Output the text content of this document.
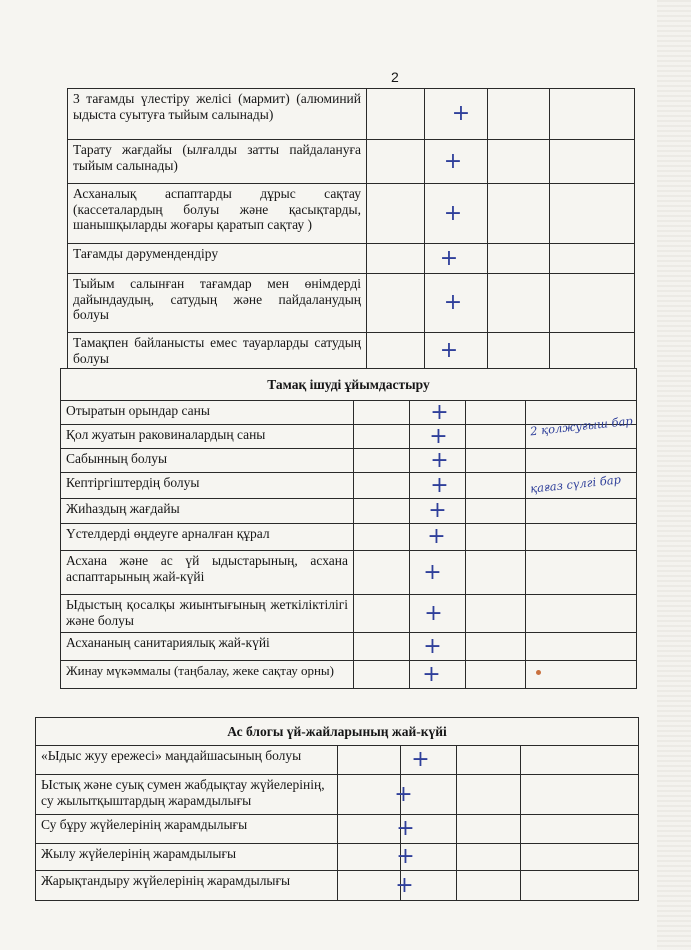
2
3 тағамды үлестіру желісі (мармит) (алюминий ыдыста суытуға тыйым салынады)		+		

Тарату жағдайы (ылғалды затты пайдалануға тыйым салынады)		+		

Асханалық аспаптарды дұрыс сақтау (кассеталардың болуы және қасықтарды, шанышқыларды жоғары қаратып сақтау )		+		

Тағамды дәрумендендіру		+		

Тыйым салынған тағамдар мен өнімдерді дайындаудың, сатудың және пайдаланудың болуы		+		

Тамақпен байланысты емес тауарларды сатудың болуы		+		

Тамақ ішуді ұйымдастыру				
Отыратын орындар саны		+		

Қол жуатын раковиналардың саны		+		2 қолжуғыш бар

Сабынның болуы		+		

Кептіргіштердің болуы		+		қағаз сүлгі бар

Жиһаздың жағдайы		+		

Үстелдерді өңдеуге арналған құрал		+		

Асхана және ас үй ыдыстарының, асхана аспаптарының жай-күйі		+		

Ыдыстың қосалқы жиынтығының жеткіліктілігі және болуы		+		

Асхананың санитариялық жай-күйі		+		

Жинау мүкәммалы (таңбалау, жеке сақтау орны)		+		

Ас блогы үй-жайларының жай-күйі				
«Ыдыс жуу ережесі» маңдайшасының болуы		+		

Ыстық және суық сумен жабдықтау жүйелерінің, су жылытқыштардың жарамдылығы		+		

Су бұру жүйелерінің жарамдылығы		+		

Жылу жүйелерінің жарамдылығы		+		

Жарықтандыру жүйелерінің жарамдылығы		+		
